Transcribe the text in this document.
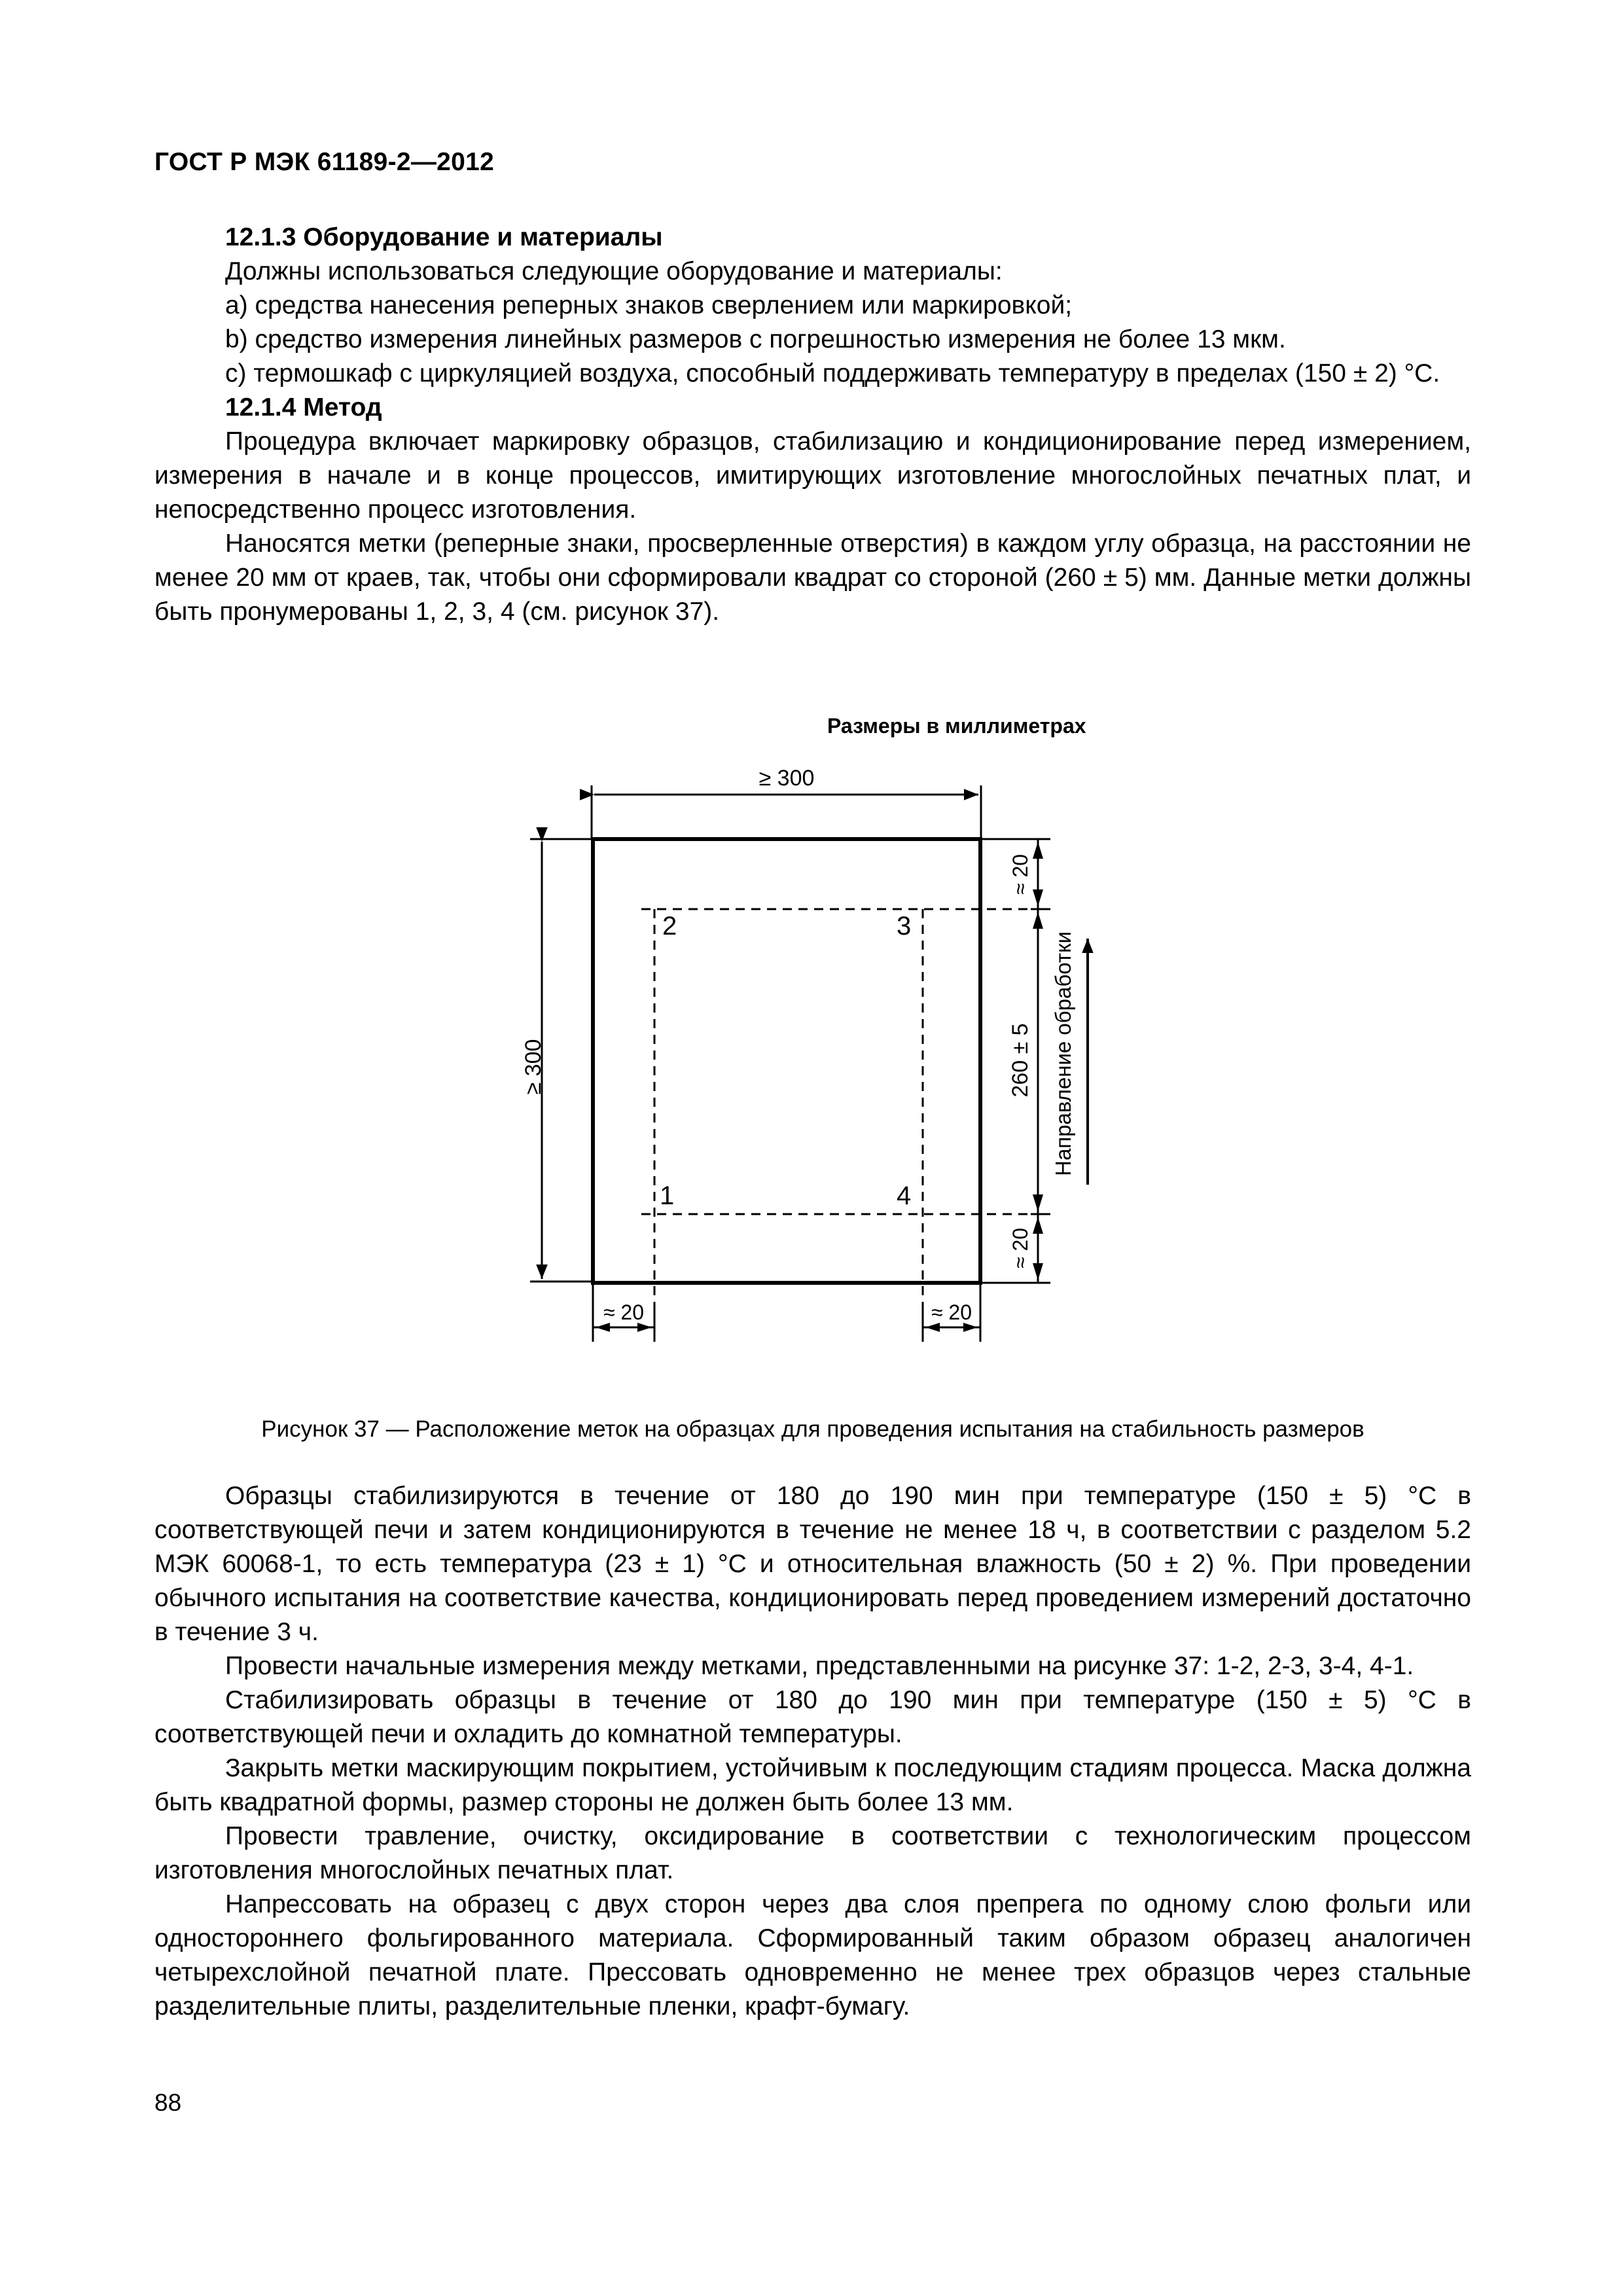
ГОСТ Р МЭК 61189-2—2012

12.1.3 Оборудование и материалы

Должны использоваться следующие оборудование и материалы:

а) средства нанесения реперных знаков сверлением или маркировкой;

b) средство измерения линейных размеров с погрешностью измерения не более 13 мкм.

c) термошкаф с циркуляцией воздуха, способный поддерживать температуру в пределах (150 ± 2) °С.

12.1.4 Метод

Процедура включает маркировку образцов, стабилизацию и кондиционирование перед измерением, измерения в начале и в конце процессов, имитирующих изготовление многослойных печатных плат, и непосредственно процесс изготовления.

Наносятся метки (реперные знаки, просверленные отверстия) в каждом углу образца, на расстоянии не менее 20 мм от краев, так, чтобы они сформировали квадрат со стороной (260 ± 5) мм. Данные метки должны быть пронумерованы 1, 2, 3, 4 (см. рисунок 37).

Размеры в миллиметрах
≥ 300
≥ 300
2	3
1	4
≈ 20
260 ± 5
≈ 20
Направление обработки
≈ 20	≈ 20
Рисунок 37 — Расположение меток на образцах для проведения испытания на стабильность размеров

Образцы стабилизируются в течение от 180 до 190 мин при температуре (150 ± 5) °С в соответствующей печи и затем кондиционируются в течение не менее 18 ч, в соответствии с разделом 5.2 МЭК 60068-1, то есть температура (23 ± 1) °С и относительная влажность (50 ± 2) %. При проведении обычного испытания на соответствие качества, кондиционировать перед проведением измерений достаточно в течение 3 ч.

Провести начальные измерения между метками, представленными на рисунке 37: 1-2, 2-3, 3-4, 4-1.

Стабилизировать образцы в течение от 180 до 190 мин при температуре (150 ± 5) °С в соответствующей печи и охладить до комнатной температуры.

Закрыть метки маскирующим покрытием, устойчивым к последующим стадиям процесса. Маска должна быть квадратной формы, размер стороны не должен быть более 13 мм.

Провести травление, очистку, оксидирование в соответствии с технологическим процессом изготовления многослойных печатных плат.

Напрессовать на образец с двух сторон через два слоя препрега по одному слою фольги или одностороннего фольгированного материала. Сформированный таким образом образец аналогичен четырехслойной печатной плате. Прессовать одновременно не менее трех образцов через стальные разделительные плиты, разделительные пленки, крафт-бумагу.

88
